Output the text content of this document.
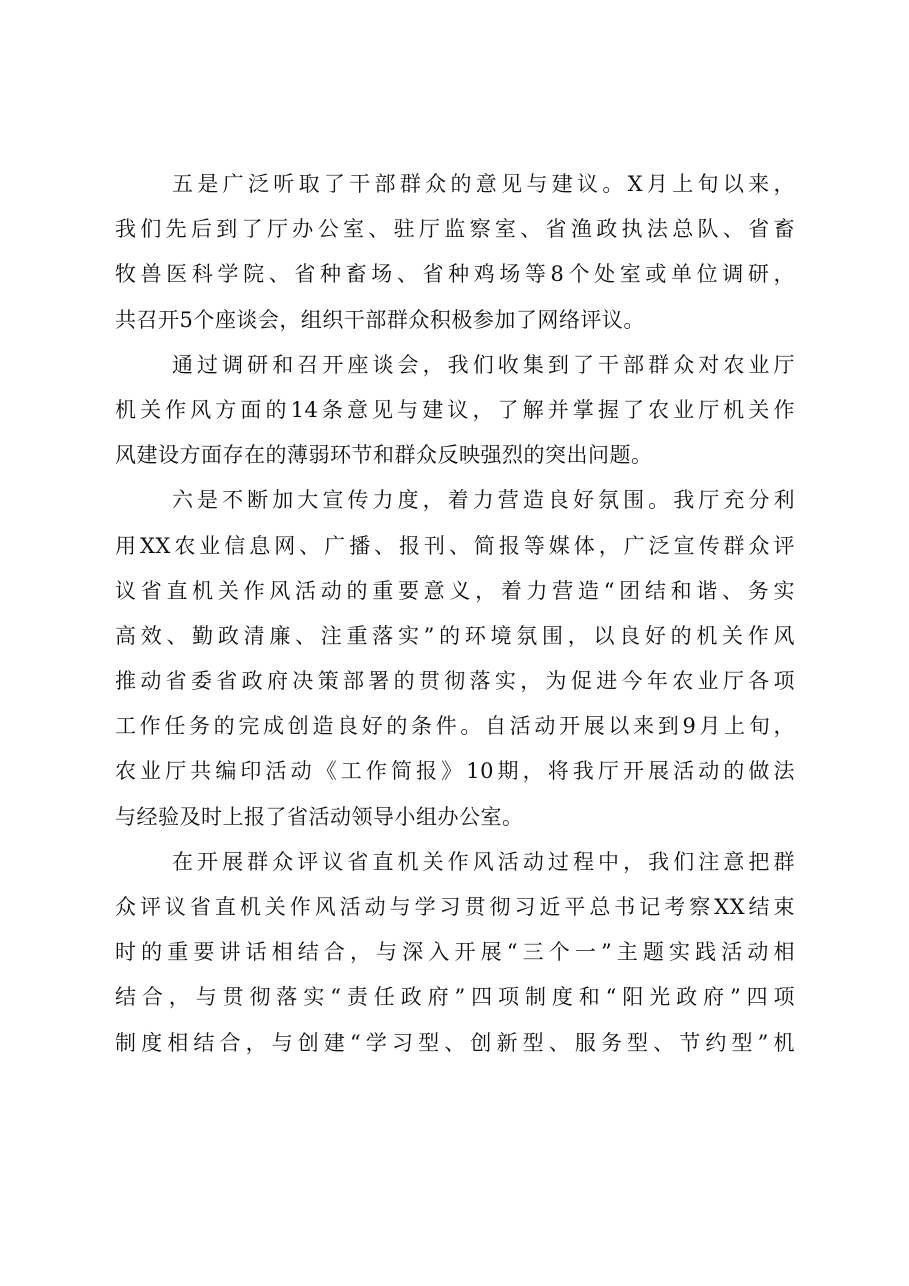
五是广泛听取了干部群众的意见与建议。X月上旬以来，
我们先后到了厅办公室、驻厅监察室、省渔政执法总队、省畜
牧兽医科学院、省种畜场、省种鸡场等8个处室或单位调研，
共召开5个座谈会，组织干部群众积极参加了网络评议。
通过调研和召开座谈会，我们收集到了干部群众对农业厅
机关作风方面的14条意见与建议，了解并掌握了农业厅机关作
风建设方面存在的薄弱环节和群众反映强烈的突出问题。
六是不断加大宣传力度，着力营造良好氛围。我厅充分利
用XX农业信息网、广播、报刊、简报等媒体，广泛宣传群众评
议省直机关作风活动的重要意义，着力营造“团结和谐、务实
高效、勤政清廉、注重落实”的环境氛围，以良好的机关作风
推动省委省政府决策部署的贯彻落实，为促进今年农业厅各项
工作任务的完成创造良好的条件。自活动开展以来到9月上旬，
农业厅共编印活动《工作简报》10期，将我厅开展活动的做法
与经验及时上报了省活动领导小组办公室。
在开展群众评议省直机关作风活动过程中，我们注意把群
众评议省直机关作风活动与学习贯彻习近平总书记考察XX结束
时的重要讲话相结合，与深入开展“三个一”主题实践活动相
结合，与贯彻落实“责任政府”四项制度和“阳光政府”四项
制度相结合，与创建“学习型、创新型、服务型、节约型”机
